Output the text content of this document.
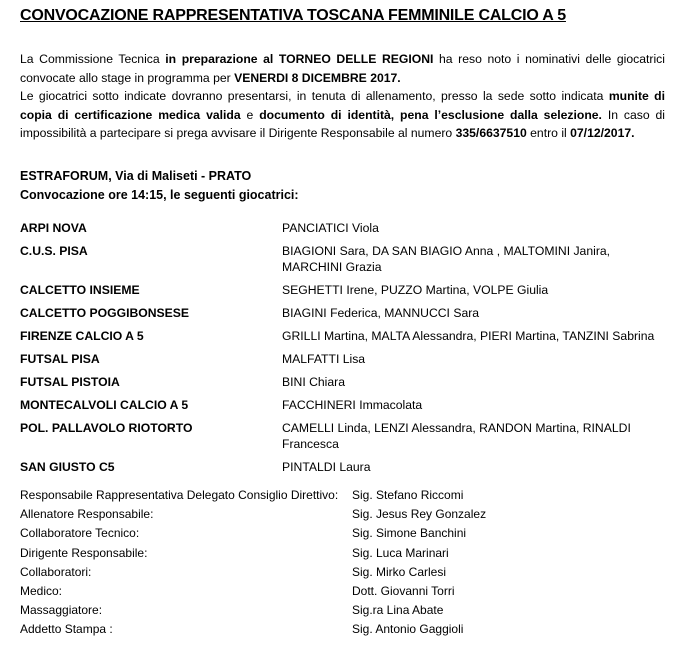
CONVOCAZIONE RAPPRESENTATIVA TOSCANA FEMMINILE CALCIO A 5

La Commissione Tecnica in preparazione al TORNEO DELLE REGIONI ha reso noto i nominativi delle giocatrici convocate allo stage in programma per VENERDI 8 DICEMBRE 2017.

Le giocatrici sotto indicate dovranno presentarsi, in tenuta di allenamento, presso la sede sotto indicata munite di copia di certificazione medica valida e documento di identità, pena l’esclusione dalla selezione. In caso di impossibilità a partecipare si prega avvisare il Dirigente Responsabile al numero 335/6637510 entro il 07/12/2017.

ESTRAFORUM, Via di Maliseti - PRATO
Convocazione ore 14:15, le seguenti giocatrici:
ARPI NOVA	PANCIATICI Viola
C.U.S. PISA	BIAGIONI Sara, DA SAN BIAGIO Anna , MALTOMINI Janira, MARCHINI Grazia
CALCETTO INSIEME	SEGHETTI Irene, PUZZO Martina, VOLPE Giulia
CALCETTO POGGIBONSESE	BIAGINI Federica, MANNUCCI Sara
FIRENZE CALCIO A 5	GRILLI Martina, MALTA Alessandra, PIERI Martina, TANZINI Sabrina
FUTSAL PISA	MALFATTI Lisa
FUTSAL PISTOIA	BINI Chiara
MONTECALVOLI CALCIO A 5	FACCHINERI Immacolata
POL. PALLAVOLO RIOTORTO	CAMELLI Linda, LENZI Alessandra, RANDON Martina, RINALDI Francesca
SAN GIUSTO C5	PINTALDI Laura
Responsabile Rappresentativa Delegato Consiglio Direttivo:	Sig. Stefano Riccomi
Allenatore Responsabile:	Sig. Jesus Rey Gonzalez
Collaboratore Tecnico:	Sig. Simone Banchini
Dirigente Responsabile:	Sig. Luca Marinari
Collaboratori:	Sig. Mirko Carlesi
Medico:	Dott. Giovanni Torri
Massaggiatore:	Sig.ra Lina Abate
Addetto Stampa :	Sig. Antonio Gaggioli
